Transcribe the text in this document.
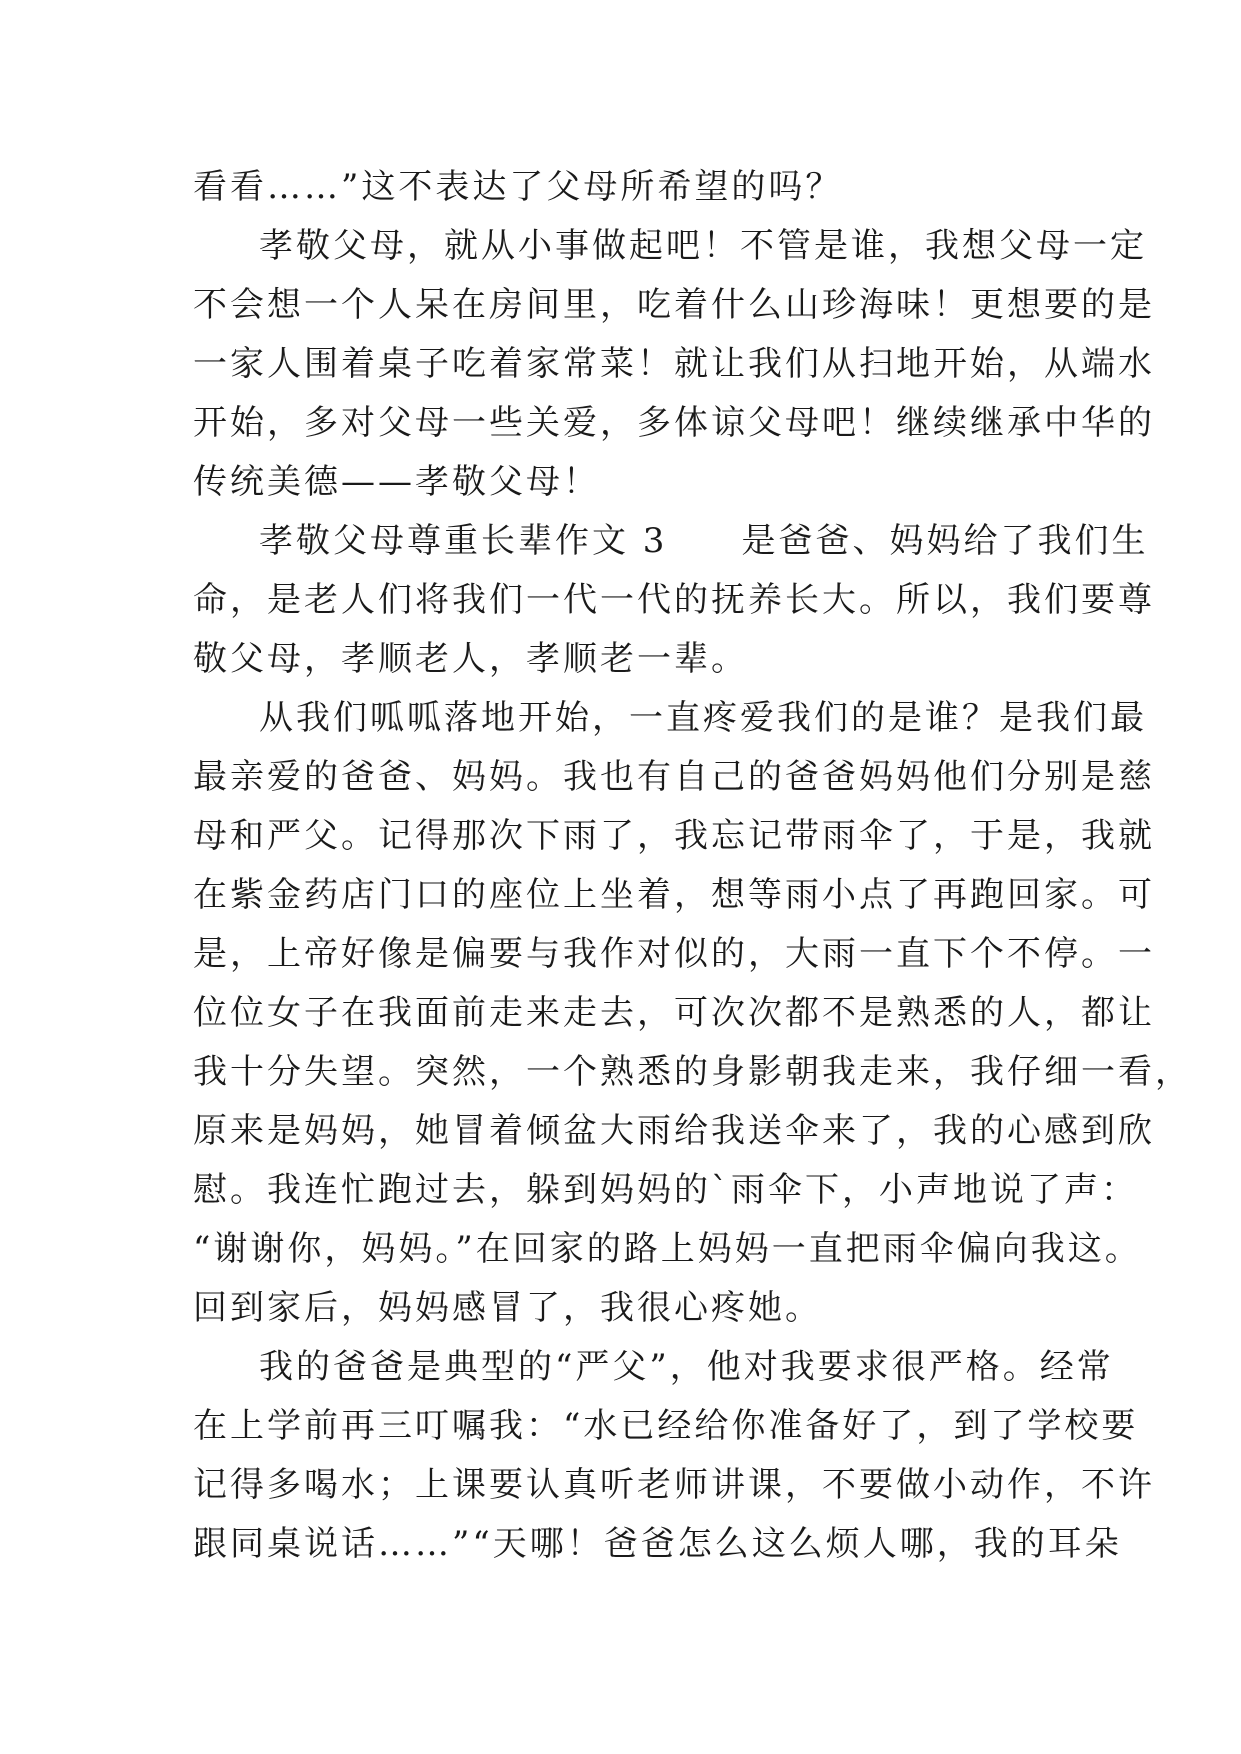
看看……”这不表达了父母所希望的吗？
孝敬父母，就从小事做起吧！不管是谁，我想父母一定
不会想一个人呆在房间里，吃着什么山珍海味！更想要的是
一家人围着桌子吃着家常菜！就让我们从扫地开始，从端水
开始，多对父母一些关爱，多体谅父母吧！继续继承中华的
传统美德——孝敬父母！
孝敬父母尊重长辈作文 3　　是爸爸、妈妈给了我们生
命，是老人们将我们一代一代的抚养长大。所以，我们要尊
敬父母，孝顺老人，孝顺老一辈。
从我们呱呱落地开始，一直疼爱我们的是谁？是我们最
最亲爱的爸爸、妈妈。我也有自己的爸爸妈妈他们分别是慈
母和严父。记得那次下雨了，我忘记带雨伞了，于是，我就
在紫金药店门口的座位上坐着，想等雨小点了再跑回家。可
是，上帝好像是偏要与我作对似的，大雨一直下个不停。一
位位女子在我面前走来走去，可次次都不是熟悉的人，都让
我十分失望。突然，一个熟悉的身影朝我走来，我仔细一看，
原来是妈妈，她冒着倾盆大雨给我送伞来了，我的心感到欣
慰。我连忙跑过去，躲到妈妈的`雨伞下，小声地说了声：
“谢谢你，妈妈。”在回家的路上妈妈一直把雨伞偏向我这。
回到家后，妈妈感冒了，我很心疼她。
我的爸爸是典型的“严父”，他对我要求很严格。经常
在上学前再三叮嘱我：“水已经给你准备好了，到了学校要
记得多喝水；上课要认真听老师讲课，不要做小动作，不许
跟同桌说话……”“天哪！爸爸怎么这么烦人哪，我的耳朵
